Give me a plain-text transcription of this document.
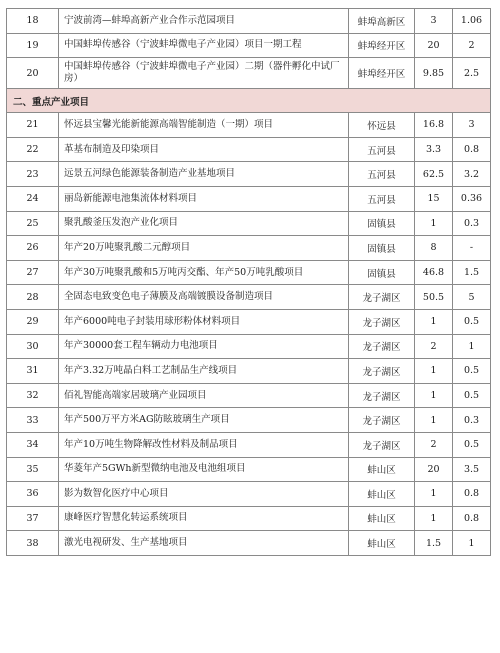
18	宁波前湾—蚌埠高新产业合作示范园项目	蚌埠高新区	3	1.06
19	中国蚌埠传感谷（宁波蚌埠微电子产业园）项目一期工程	蚌埠经开区	20	2
20	中国蚌埠传感谷（宁波蚌埠微电子产业园）二期（器件孵化中试厂房）	蚌埠经开区	9.85	2.5
二、重点产业项目				
21	怀远县宝馨光能新能源高端智能制造（一期）项目	怀远县	16.8	3
22	革基布制造及印染项目	五河县	3.3	0.8
23	远景五河绿色能源装备制造产业基地项目	五河县	62.5	3.2
24	丽岛新能源电池集流体材料项目	五河县	15	0.36
25	聚乳酸釜压发泡产业化项目	固镇县	1	0.3
26	年产20万吨聚乳酸二元醇项目	固镇县	8	-
27	年产30万吨聚乳酸和5万吨丙交酯、年产50万吨乳酸项目	固镇县	46.8	1.5
28	全固态电致变色电子薄膜及高端镀膜设备制造项目	龙子湖区	50.5	5
29	年产6000吨电子封装用球形粉体材料项目	龙子湖区	1	0.5
30	年产30000套工程车辆动力电池项目	龙子湖区	2	1
31	年产3.32万吨晶白料工艺制品生产线项目	龙子湖区	1	0.5
32	佰礼智能高端家居玻璃产业园项目	龙子湖区	1	0.5
33	年产500万平方米AG防眩玻璃生产项目	龙子湖区	1	0.3
34	年产10万吨生物降解改性材料及制品项目	龙子湖区	2	0.5
35	华菱年产5GWh新型微纳电池及电池组项目	蚌山区	20	3.5
36	影为数智化医疗中心项目	蚌山区	1	0.8
37	康峰医疗智慧化转运系统项目	蚌山区	1	0.8
38	激光电视研发、生产基地项目	蚌山区	1.5	1
